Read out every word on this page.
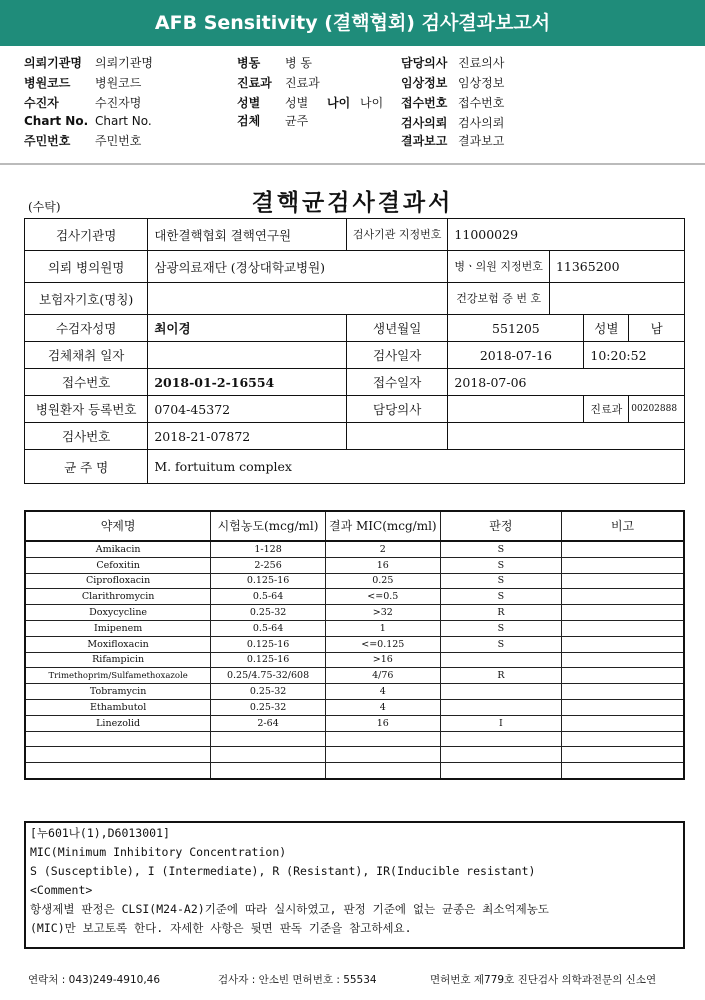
AFB Sensitivity (결핵협회) 검사결과보고서
의뢰기관명 의뢰기관명
병원코드 병원코드
수진자	수진자명
Chart No. Chart No.
주민번호 주민번호
병동 병 동
진료과 진료과
성별 성별 나이 나이
검체 균주
담당의사 진료의사
임상정보 임상정보
접수번호 접수번호
검사의뢰 검사의뢰
결과보고 결과보고
(수탁)	결핵균검사결과서
검사기관명	대한결핵협회 결핵연구원	검사기관 지정번호	11000029			
의뢰 병의원명	삼광의료재단 (경상대학교병원)		병ㆍ의원 지정번호	11365200		
보험자기호(명칭)			건강보험 증 번 호			
수검자성명	최이경	생년월일	551205		성별	남
검체채취 일자		검사일자	2018-07-16		10:20:52	
접수번호	2018-01-2-16554	접수일자	2018-07-06			
병원환자 등록번호	0704-45372	담당의사			진료과	00202888
검사번호	2018-21-07872					
균 주 명	M. fortuitum complex					
약제명	시험농도(mcg/ml)	결과 MIC(mcg/ml)	판정	비고
Amikacin	1-128	2	S	
Cefoxitin	2-256	16	S	
Ciprofloxacin	0.125-16	0.25	S	
Clarithromycin	0.5-64	<=0.5	S	
Doxycycline	0.25-32	>32	R	
Imipenem	0.5-64	1	S	
Moxifloxacin	0.125-16	<=0.125	S	
Rifampicin	0.125-16	>16		
Trimethoprim/Sulfamethoxazole	0.25/4.75-32/608	4/76	R	
Tobramycin	0.25-32	4		
Ethambutol	0.25-32	4		
Linezolid	2-64	16	I	

[누601나(1),D6013001]
MIC(Minimum Inhibitory Concentration)
S (Susceptible), I (Intermediate), R (Resistant), IR(Inducible resistant)
<Comment>
항생제별 판정은 CLSI(M24-A2)기준에 따라 실시하였고, 판정 기준에 없는 균종은 최소억제농도
(MIC)만 보고토록 한다. 자세한 사항은 뒷면 판독 기준을 참고하세요.
연락처 : 043)249-4910,46	검사자 : 안소빈 면허번호 : 55534	면허번호 제779호 진단검사 의학과전문의 신소연
